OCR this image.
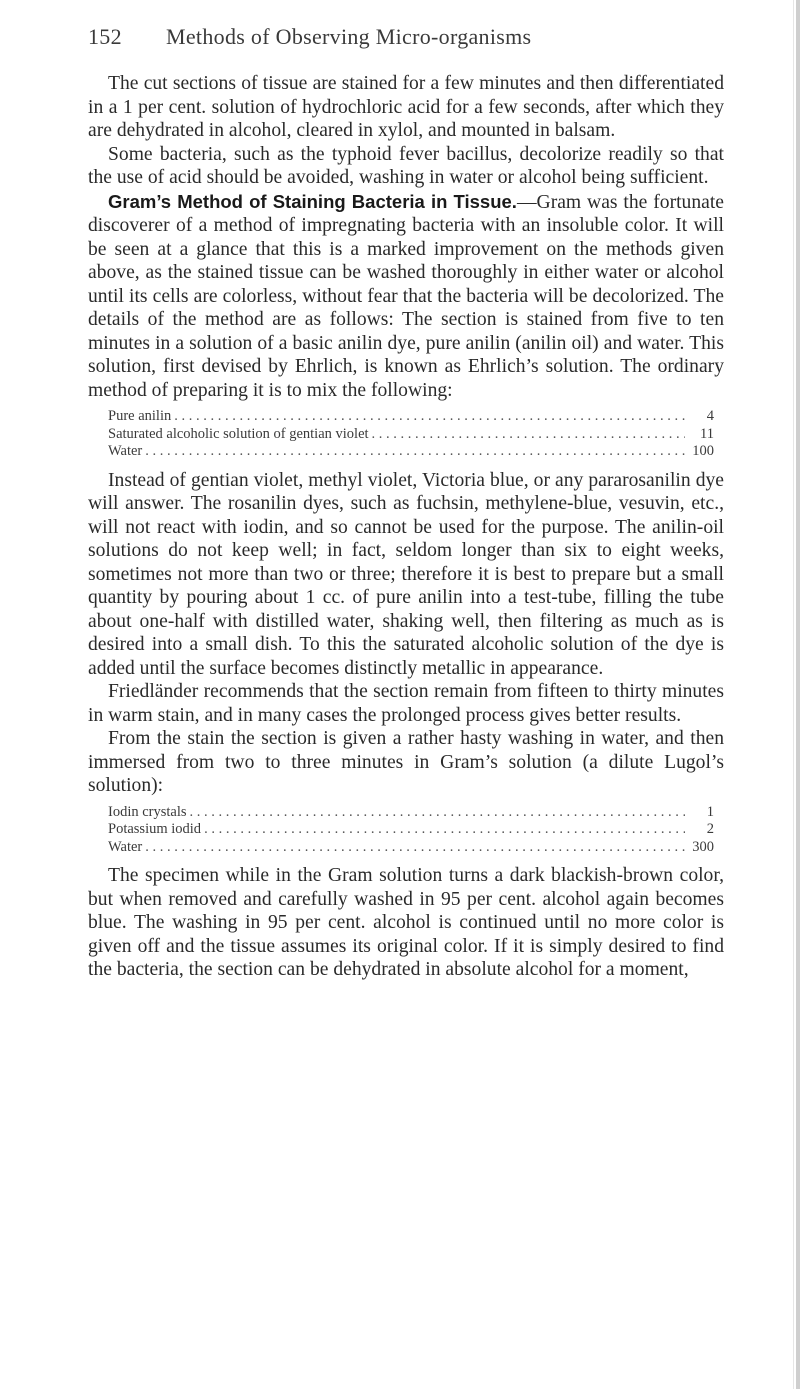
152 Methods of Observing Micro-organisms

The cut sections of tissue are stained for a few minutes and then differentiated in a 1 per cent. solution of hydrochloric acid for a few seconds, after which they are dehydrated in alcohol, cleared in xylol, and mounted in balsam.

Some bacteria, such as the typhoid fever bacillus, decolorize readily so that the use of acid should be avoided, washing in water or alcohol being sufficient.

Gram’s Method of Staining Bacteria in Tissue.—Gram was the fortunate discoverer of a method of impregnating bacteria with an insoluble color. It will be seen at a glance that this is a marked improvement on the methods given above, as the stained tissue can be washed thoroughly in either water or alcohol until its cells are colorless, without fear that the bacteria will be decolorized. The details of the method are as follows: The section is stained from five to ten minutes in a solution of a basic anilin dye, pure anilin (anilin oil) and water. This solution, first devised by Ehrlich, is known as Ehrlich’s solution. The ordinary method of preparing it is to mix the following:

Pure anilin . . .	4
Saturated alcoholic solution of gentian violet . . .	11
Water . . .	100

Instead of gentian violet, methyl violet, Victoria blue, or any pararosanilin dye will answer. The rosanilin dyes, such as fuchsin, methylene-blue, vesuvin, etc., will not react with iodin, and so cannot be used for the purpose. The anilin-oil solutions do not keep well; in fact, seldom longer than six to eight weeks, sometimes not more than two or three; therefore it is best to prepare but a small quantity by pouring about 1 cc. of pure anilin into a test-tube, filling the tube about one-half with distilled water, shaking well, then filtering as much as is desired into a small dish. To this the saturated alcoholic solution of the dye is added until the surface becomes distinctly metallic in appearance.

Friedländer recommends that the section remain from fifteen to thirty minutes in warm stain, and in many cases the prolonged process gives better results.

From the stain the section is given a rather hasty washing in water, and then immersed from two to three minutes in Gram’s solution (a dilute Lugol’s solution):

Iodin crystals . . .	1
Potassium iodid . . .	2
Water . . .	300

The specimen while in the Gram solution turns a dark blackish-brown color, but when removed and carefully washed in 95 per cent. alcohol again becomes blue. The washing in 95 per cent. alcohol is continued until no more color is given off and the tissue assumes its original color. If it is simply desired to find the bacteria, the section can be dehydrated in absolute alcohol for a moment,
